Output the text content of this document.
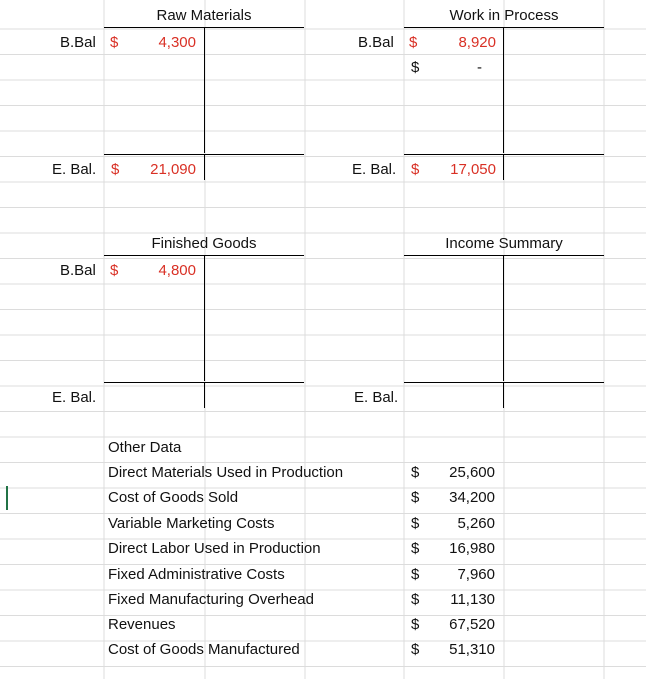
Raw Materials
B.Bal $	4,300
E. Bal. $	21,090
Work in Process
B.Bal $	8,920
$	-
E. Bal. $	17,050
Finished Goods
B.Bal $	4,800
E. Bal.
Income Summary
E. Bal.
Other Data
Direct Materials Used in Production	$	25,600
Cost of Goods Sold	$	34,200
Variable Marketing Costs	$	5,260
Direct Labor Used in Production	$	16,980
Fixed Administrative Costs	$	7,960
Fixed Manufacturing Overhead	$	11,130
Revenues	$	67,520
Cost of Goods Manufactured	$	51,310
